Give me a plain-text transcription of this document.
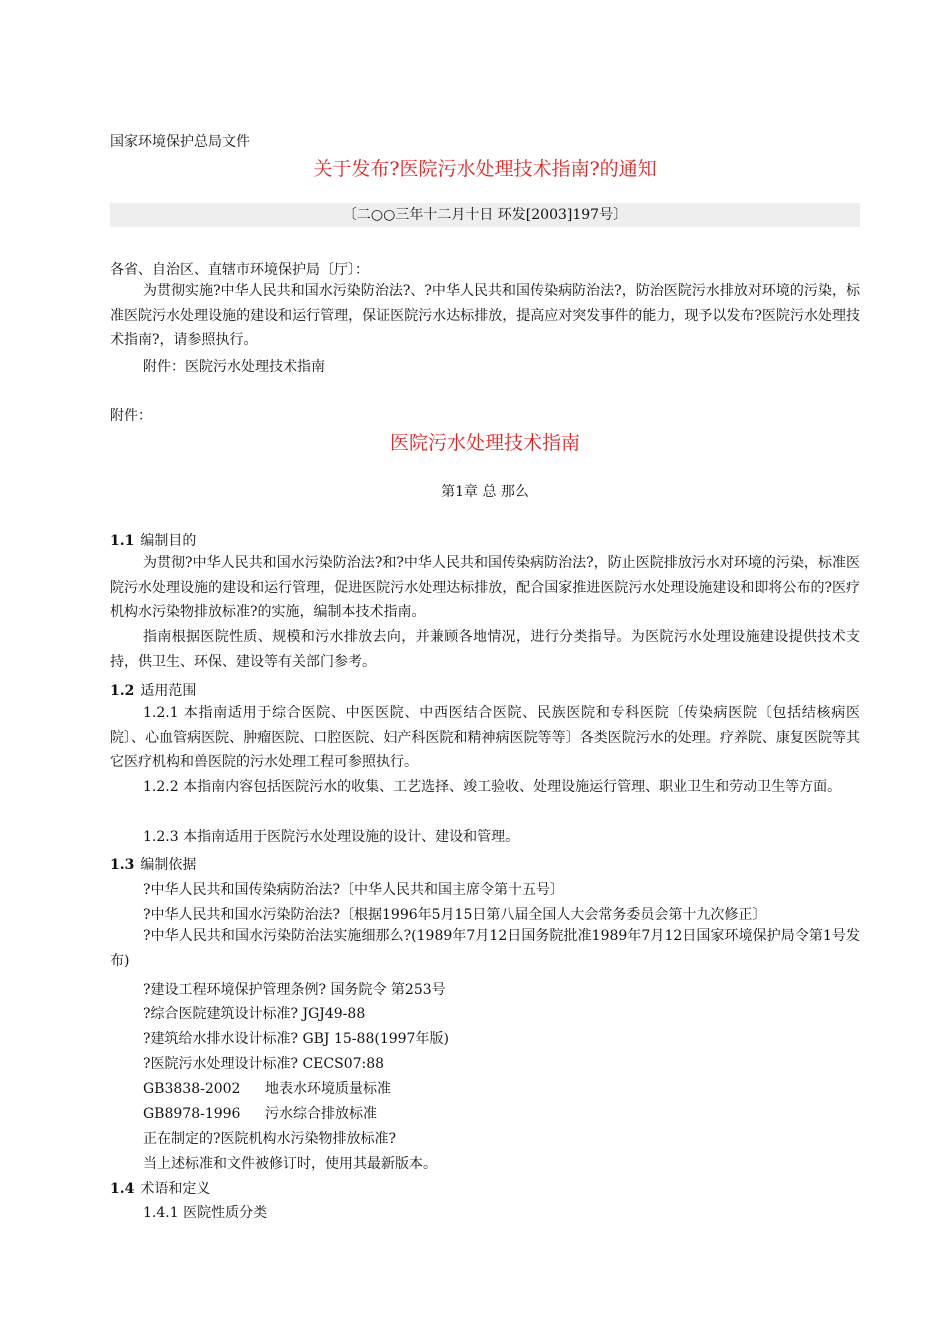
国家环境保护总局文件
关于发布?医院污水处理技术指南?的通知
〔二○○三年十二月十日 环发[2003]197号〕
各省、自治区、直辖市环境保护局〔厅〕：
为贯彻实施?中华人民共和国水污染防治法?、?中华人民共和国传染病防治法?，防治医院污水排放对环境的污染，标准医院污水处理设施的建设和运行管理，保证医院污水达标排放，提高应对突发事件的能力，现予以发布?医院污水处理技术指南?，请参照执行。
附件：医院污水处理技术指南
附件：
医院污水处理技术指南
第1章 总 那么
1.1 编制目的
为贯彻?中华人民共和国水污染防治法?和?中华人民共和国传染病防治法?，防止医院排放污水对环境的污染，标准医院污水处理设施的建设和运行管理，促进医院污水处理达标排放，配合国家推进医院污水处理设施建设和即将公布的?医疗机构水污染物排放标准?的实施，编制本技术指南。
指南根据医院性质、规模和污水排放去向，并兼顾各地情况，进行分类指导。为医院污水处理设施建设提供技术支持，供卫生、环保、建设等有关部门参考。
1.2 适用范围
1.2.1 本指南适用于综合医院、中医医院、中西医结合医院、民族医院和专科医院〔传染病医院〔包括结核病医院〕、心血管病医院、肿瘤医院、口腔医院、妇产科医院和精神病医院等等〕各类医院污水的处理。疗养院、康复医院等其它医疗机构和兽医院的污水处理工程可参照执行。
1.2.2 本指南内容包括医院污水的收集、工艺选择、竣工验收、处理设施运行管理、职业卫生和劳动卫生等方面。
1.2.3 本指南适用于医院污水处理设施的设计、建设和管理。
1.3 编制依据
?中华人民共和国传染病防治法?〔中华人民共和国主席令第十五号〕
?中华人民共和国水污染防治法?〔根据1996年5月15日第八届全国人大会常务委员会第十九次修正〕
?中华人民共和国水污染防治法实施细那么?(1989年7月12日国务院批准1989年7月12日国家环境保护局令第1号发布)
?建设工程环境保护管理条例? 国务院令 第253号
?综合医院建筑设计标准? JGJ49-88
?建筑给水排水设计标准? GBJ 15-88(1997年版)
?医院污水处理设计标准? CECS07:88
GB3838-2002 地表水环境质量标准
GB8978-1996 污水综合排放标准
正在制定的?医院机构水污染物排放标准?
当上述标准和文件被修订时，使用其最新版本。
1.4 术语和定义
1.4.1 医院性质分类
